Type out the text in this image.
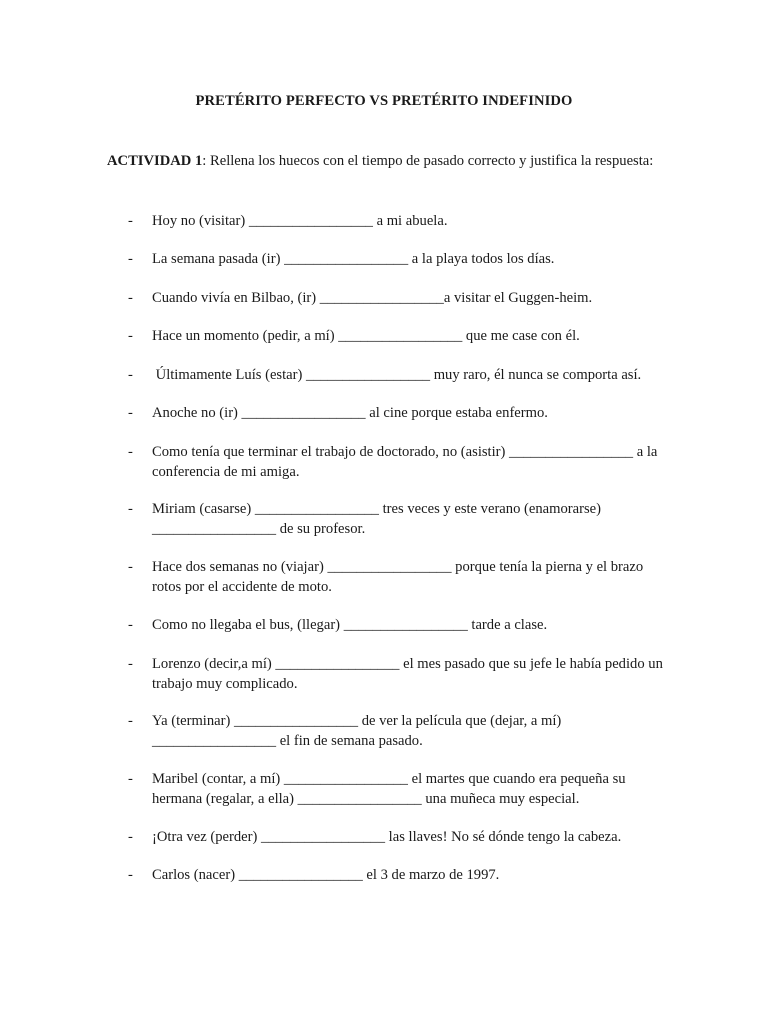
PRETÉRITO PERFECTO VS PRETÉRITO INDEFINIDO
ACTIVIDAD 1: Rellena los huecos con el tiempo de pasado correcto y justifica la respuesta:
- Hoy no (visitar) _________________ a mi abuela.
- La semana pasada (ir) _________________ a la playa todos los días.
- Cuando vivía en Bilbao, (ir) _________________a visitar el Guggen-heim.
- Hace un momento (pedir, a mí) _________________ que me case con él.
- Últimamente Luís (estar) _________________ muy raro, él nunca se comporta así.
- Anoche no (ir) _________________ al cine porque estaba enfermo.
- Como tenía que terminar el trabajo de doctorado, no (asistir) _________________ a la conferencia de mi amiga.
- Miriam (casarse) _________________ tres veces y este verano (enamorarse) _________________ de su profesor.
- Hace dos semanas no (viajar) _________________ porque tenía la pierna y el brazo rotos por el accidente de moto.
- Como no llegaba el bus, (llegar) _________________ tarde a clase.
- Lorenzo (decir,a mí) _________________ el mes pasado que su jefe le había pedido un trabajo muy complicado.
- Ya (terminar) _________________ de ver la película que (dejar, a mí) _________________ el fin de semana pasado.
- Maribel (contar, a mí) _________________ el martes que cuando era pequeña su hermana (regalar, a ella) _________________ una muñeca muy especial.
- ¡Otra vez (perder) _________________ las llaves! No sé dónde tengo la cabeza.
- Carlos (nacer) _________________ el 3 de marzo de 1997.
